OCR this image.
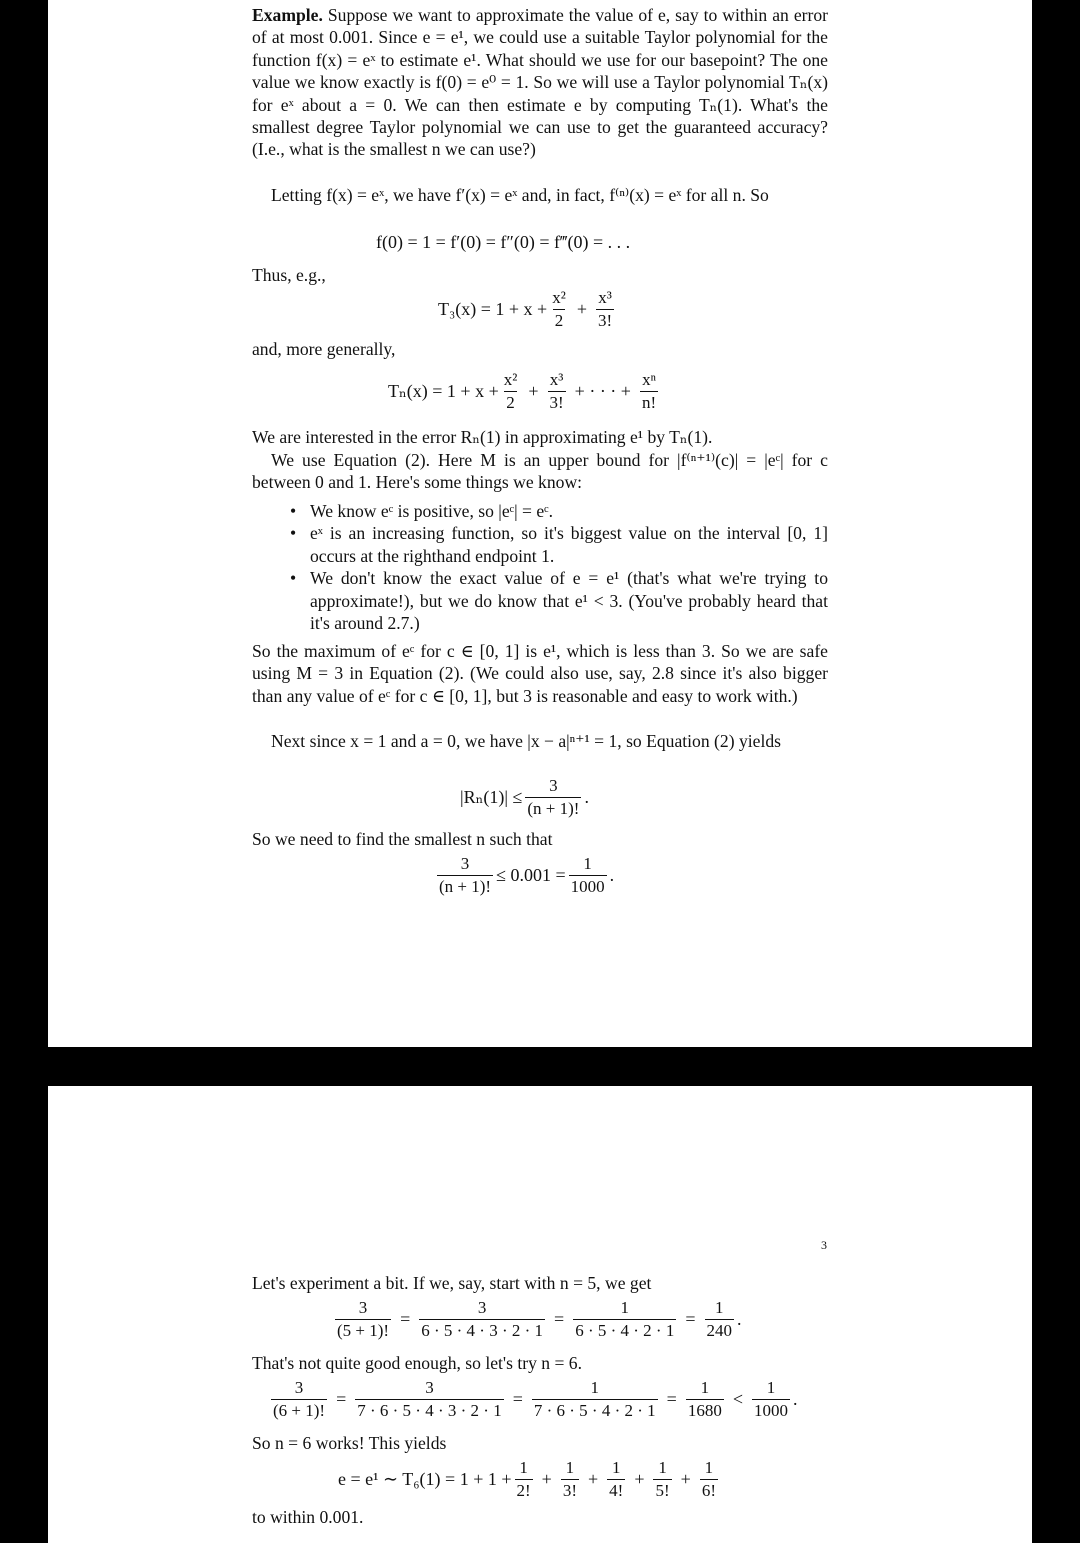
Example. Suppose we want to approximate the value of e, say to within an error of at most 0.001. Since e = e¹, we could use a suitable Taylor polynomial for the function f(x) = eˣ to estimate e¹. What should we use for our basepoint? The one value we know exactly is f(0) = e⁰ = 1. So we will use a Taylor polynomial Tₙ(x) for eˣ about a = 0. We can then estimate e by computing Tₙ(1). What's the smallest degree Taylor polynomial we can use to get the guaranteed accuracy? (I.e., what is the smallest n we can use?)

Letting f(x) = eˣ, we have f′(x) = eˣ and, in fact, f⁽ⁿ⁾(x) = eˣ for all n. So

f(0) = 1 = f′(0) = f″(0) = f‴(0) = . . .

Thus, e.g.,

$T_3(x) = 1 + x + \frac{\text{x²}}{2} + \frac{\text{x³}}{3!}$

and, more generally,

$T_n(x) = 1 + x + \frac{\text{x²}}{2} + \frac{\text{x³}}{3!}$ + · · · + $\frac{\text{xⁿ}}{n!}$

We are interested in the error Rₙ(1) in approximating e¹ by Tₙ(1).

We use Equation (2). Here M is an upper bound for |f⁽ⁿ⁺¹⁾(c)| = |eᶜ| for c between 0 and 1. Here's some things we know:

• We know eᶜ is positive, so |eᶜ| = eᶜ.
• eˣ is an increasing function, so it's biggest value on the interval [0, 1] occurs at the righthand endpoint 1.
• We don't know the exact value of e = e¹ (that's what we're trying to approximate!), but we do know that e¹ < 3. (You've probably heard that it's around 2.7.)

So the maximum of eᶜ for c ∈ [0, 1] is e¹, which is less than 3. So we are safe using M = 3 in Equation (2). (We could also use, say, 2.8 since it's also bigger than any value of eᶜ for c ∈ [0, 1], but 3 is reasonable and easy to work with.)

Next since x = 1 and a = 0, we have |x − a|ⁿ⁺¹ = 1, so Equation (2) yields

$|R_n(1)| \le \frac{3}{(n + 1)!}$ .

So we need to find the smallest n such that

$\frac{3}{(n + 1)!} \le 0.001 = \frac{1}{1000}$ .
3

Let's experiment a bit. If we, say, start with n = 5, we get

$\frac{3}{(5 + 1)!} = \frac{3}{6 \cdot 5 \cdot 4 \cdot 3 \cdot 2 \cdot 1} = \frac{1}{6 \cdot 5 \cdot 4 \cdot 2 \cdot 1} = \frac{1}{240}$ .

That's not quite good enough, so let's try n = 6.

$\frac{3}{(6 + 1)!} = \frac{3}{7 \cdot 6 \cdot 5 \cdot 4 \cdot 3 \cdot 2 \cdot 1} = \frac{1}{7 \cdot 6 \cdot 5 \cdot 4 \cdot 2 \cdot 1} = \frac{1}{1680} < \frac{1}{1000}$ .

So n = 6 works! This yields

e = e¹ ∼ $T_6(1) = 1 + 1 + \frac{1}{2!} + \frac{1}{3!} + \frac{1}{4!} + \frac{1}{5!} + \frac{1}{6!}$

to within 0.001.
